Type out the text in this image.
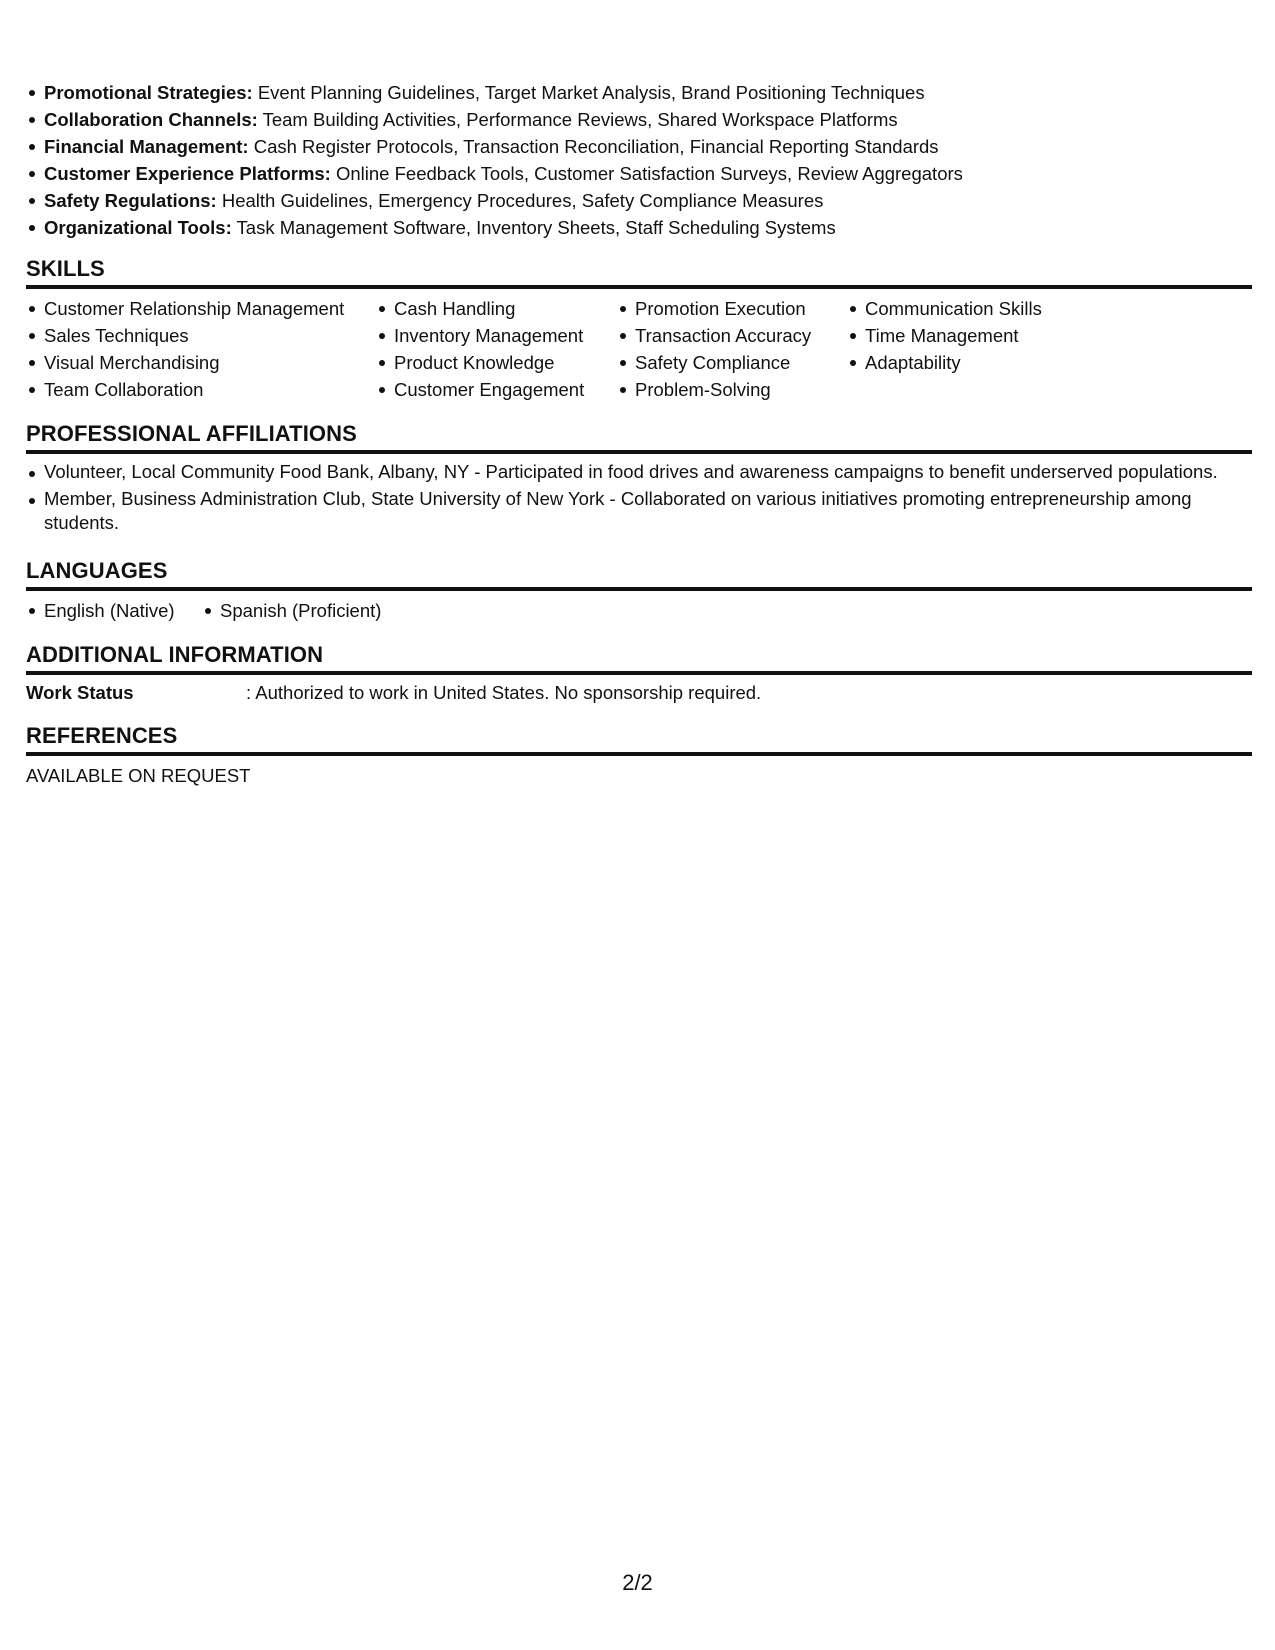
Promotional Strategies: Event Planning Guidelines, Target Market Analysis, Brand Positioning Techniques
Collaboration Channels: Team Building Activities, Performance Reviews, Shared Workspace Platforms
Financial Management: Cash Register Protocols, Transaction Reconciliation, Financial Reporting Standards
Customer Experience Platforms: Online Feedback Tools, Customer Satisfaction Surveys, Review Aggregators
Safety Regulations: Health Guidelines, Emergency Procedures, Safety Compliance Measures
Organizational Tools: Task Management Software, Inventory Sheets, Staff Scheduling Systems
SKILLS
Customer Relationship Management
Sales Techniques
Visual Merchandising
Team Collaboration
Cash Handling
Inventory Management
Product Knowledge
Customer Engagement
Promotion Execution
Transaction Accuracy
Safety Compliance
Problem-Solving
Communication Skills
Time Management
Adaptability
PROFESSIONAL AFFILIATIONS
Volunteer, Local Community Food Bank, Albany, NY - Participated in food drives and awareness campaigns to benefit underserved populations.
Member, Business Administration Club, State University of New York - Collaborated on various initiatives promoting entrepreneurship among students.
LANGUAGES
English (Native)	Spanish (Proficient)
ADDITIONAL INFORMATION
Work Status	: Authorized to work in United States. No sponsorship required.
REFERENCES
AVAILABLE ON REQUEST
2/2
